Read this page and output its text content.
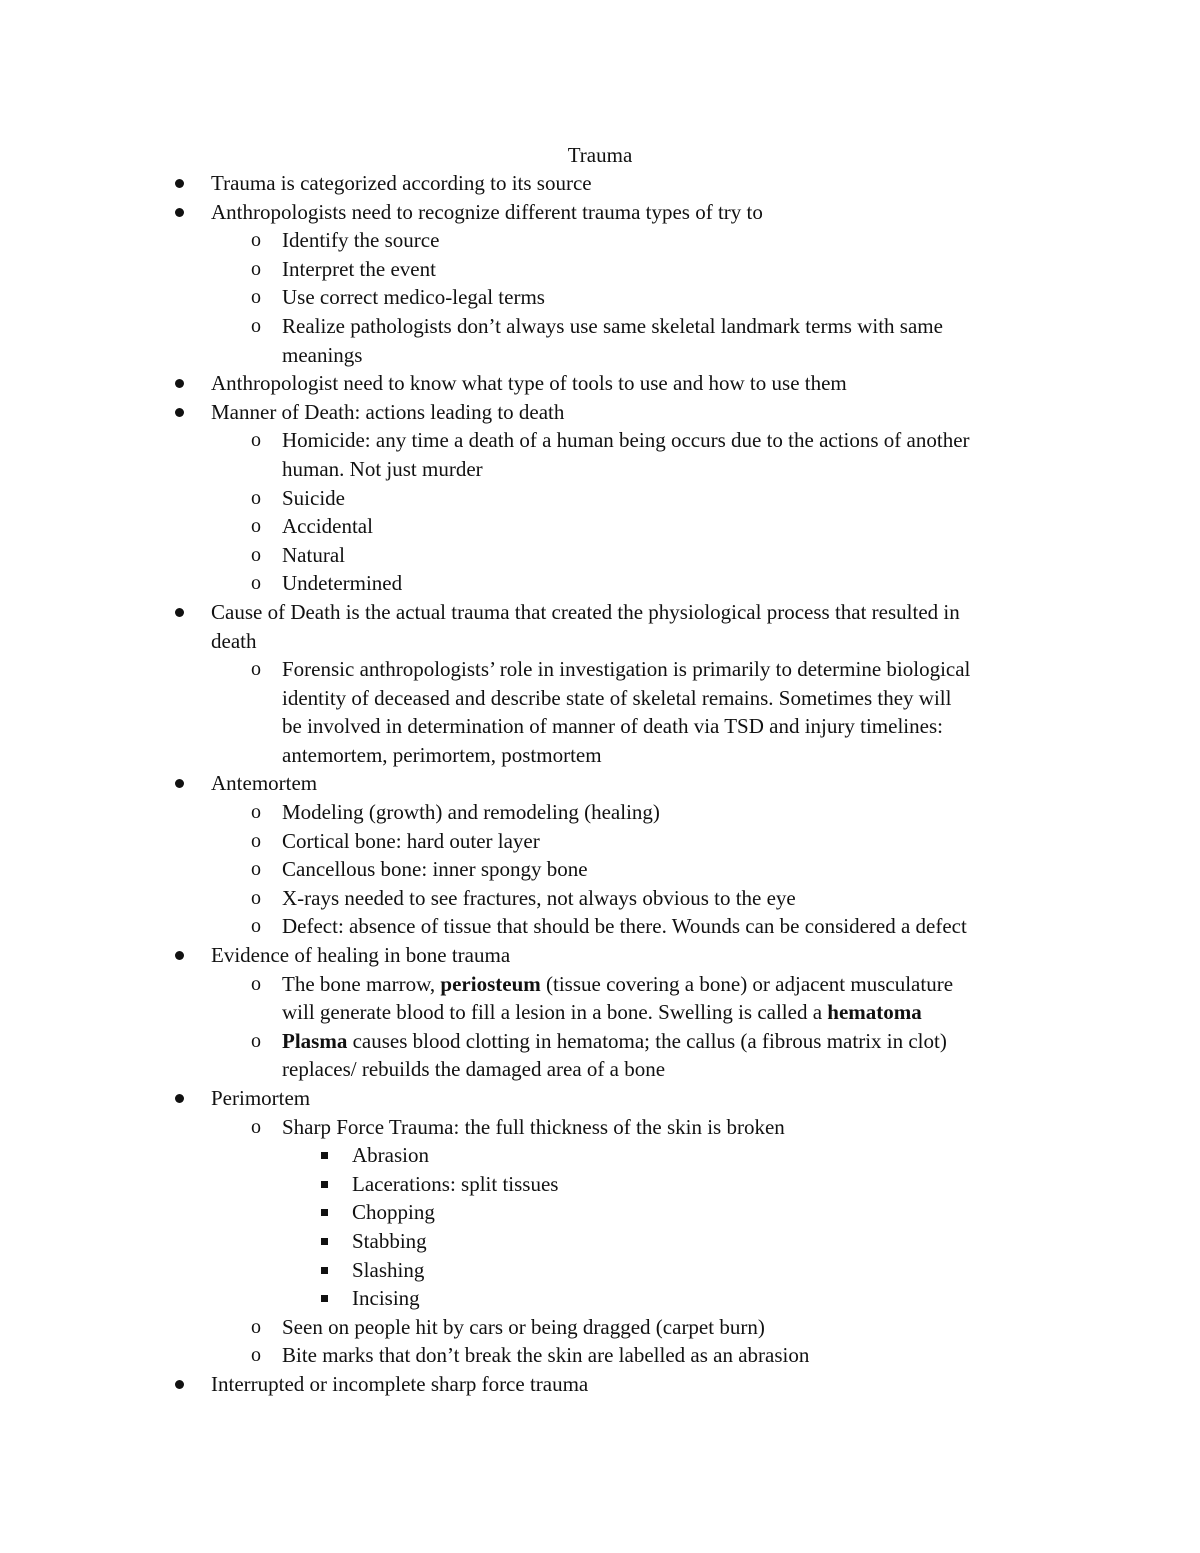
Trauma
Trauma is categorized according to its source
Anthropologists need to recognize different trauma types of try to
o Identify the source
o Interpret the event
o Use correct medico-legal terms
o Realize pathologists don’t always use same skeletal landmark terms with same
meanings
Anthropologist need to know what type of tools to use and how to use them
Manner of Death: actions leading to death
o Homicide: any time a death of a human being occurs due to the actions of another
human. Not just murder
o Suicide
o Accidental
o Natural
o Undetermined
Cause of Death is the actual trauma that created the physiological process that resulted in
death
o Forensic anthropologists’ role in investigation is primarily to determine biological
identity of deceased and describe state of skeletal remains. Sometimes they will
be involved in determination of manner of death via TSD and injury timelines:
antemortem, perimortem, postmortem
Antemortem
o Modeling (growth) and remodeling (healing)
o Cortical bone: hard outer layer
o Cancellous bone: inner spongy bone
o X-rays needed to see fractures, not always obvious to the eye
o Defect: absence of tissue that should be there. Wounds can be considered a defect
Evidence of healing in bone trauma
o The bone marrow, periosteum (tissue covering a bone) or adjacent musculature
will generate blood to fill a lesion in a bone. Swelling is called a hematoma
o Plasma causes blood clotting in hematoma; the callus (a fibrous matrix in clot)
replaces/ rebuilds the damaged area of a bone
Perimortem
o Sharp Force Trauma: the full thickness of the skin is broken
Abrasion
Lacerations: split tissues
Chopping
Stabbing
Slashing
Incising
o Seen on people hit by cars or being dragged (carpet burn)
o Bite marks that don’t break the skin are labelled as an abrasion
Interrupted or incomplete sharp force trauma
